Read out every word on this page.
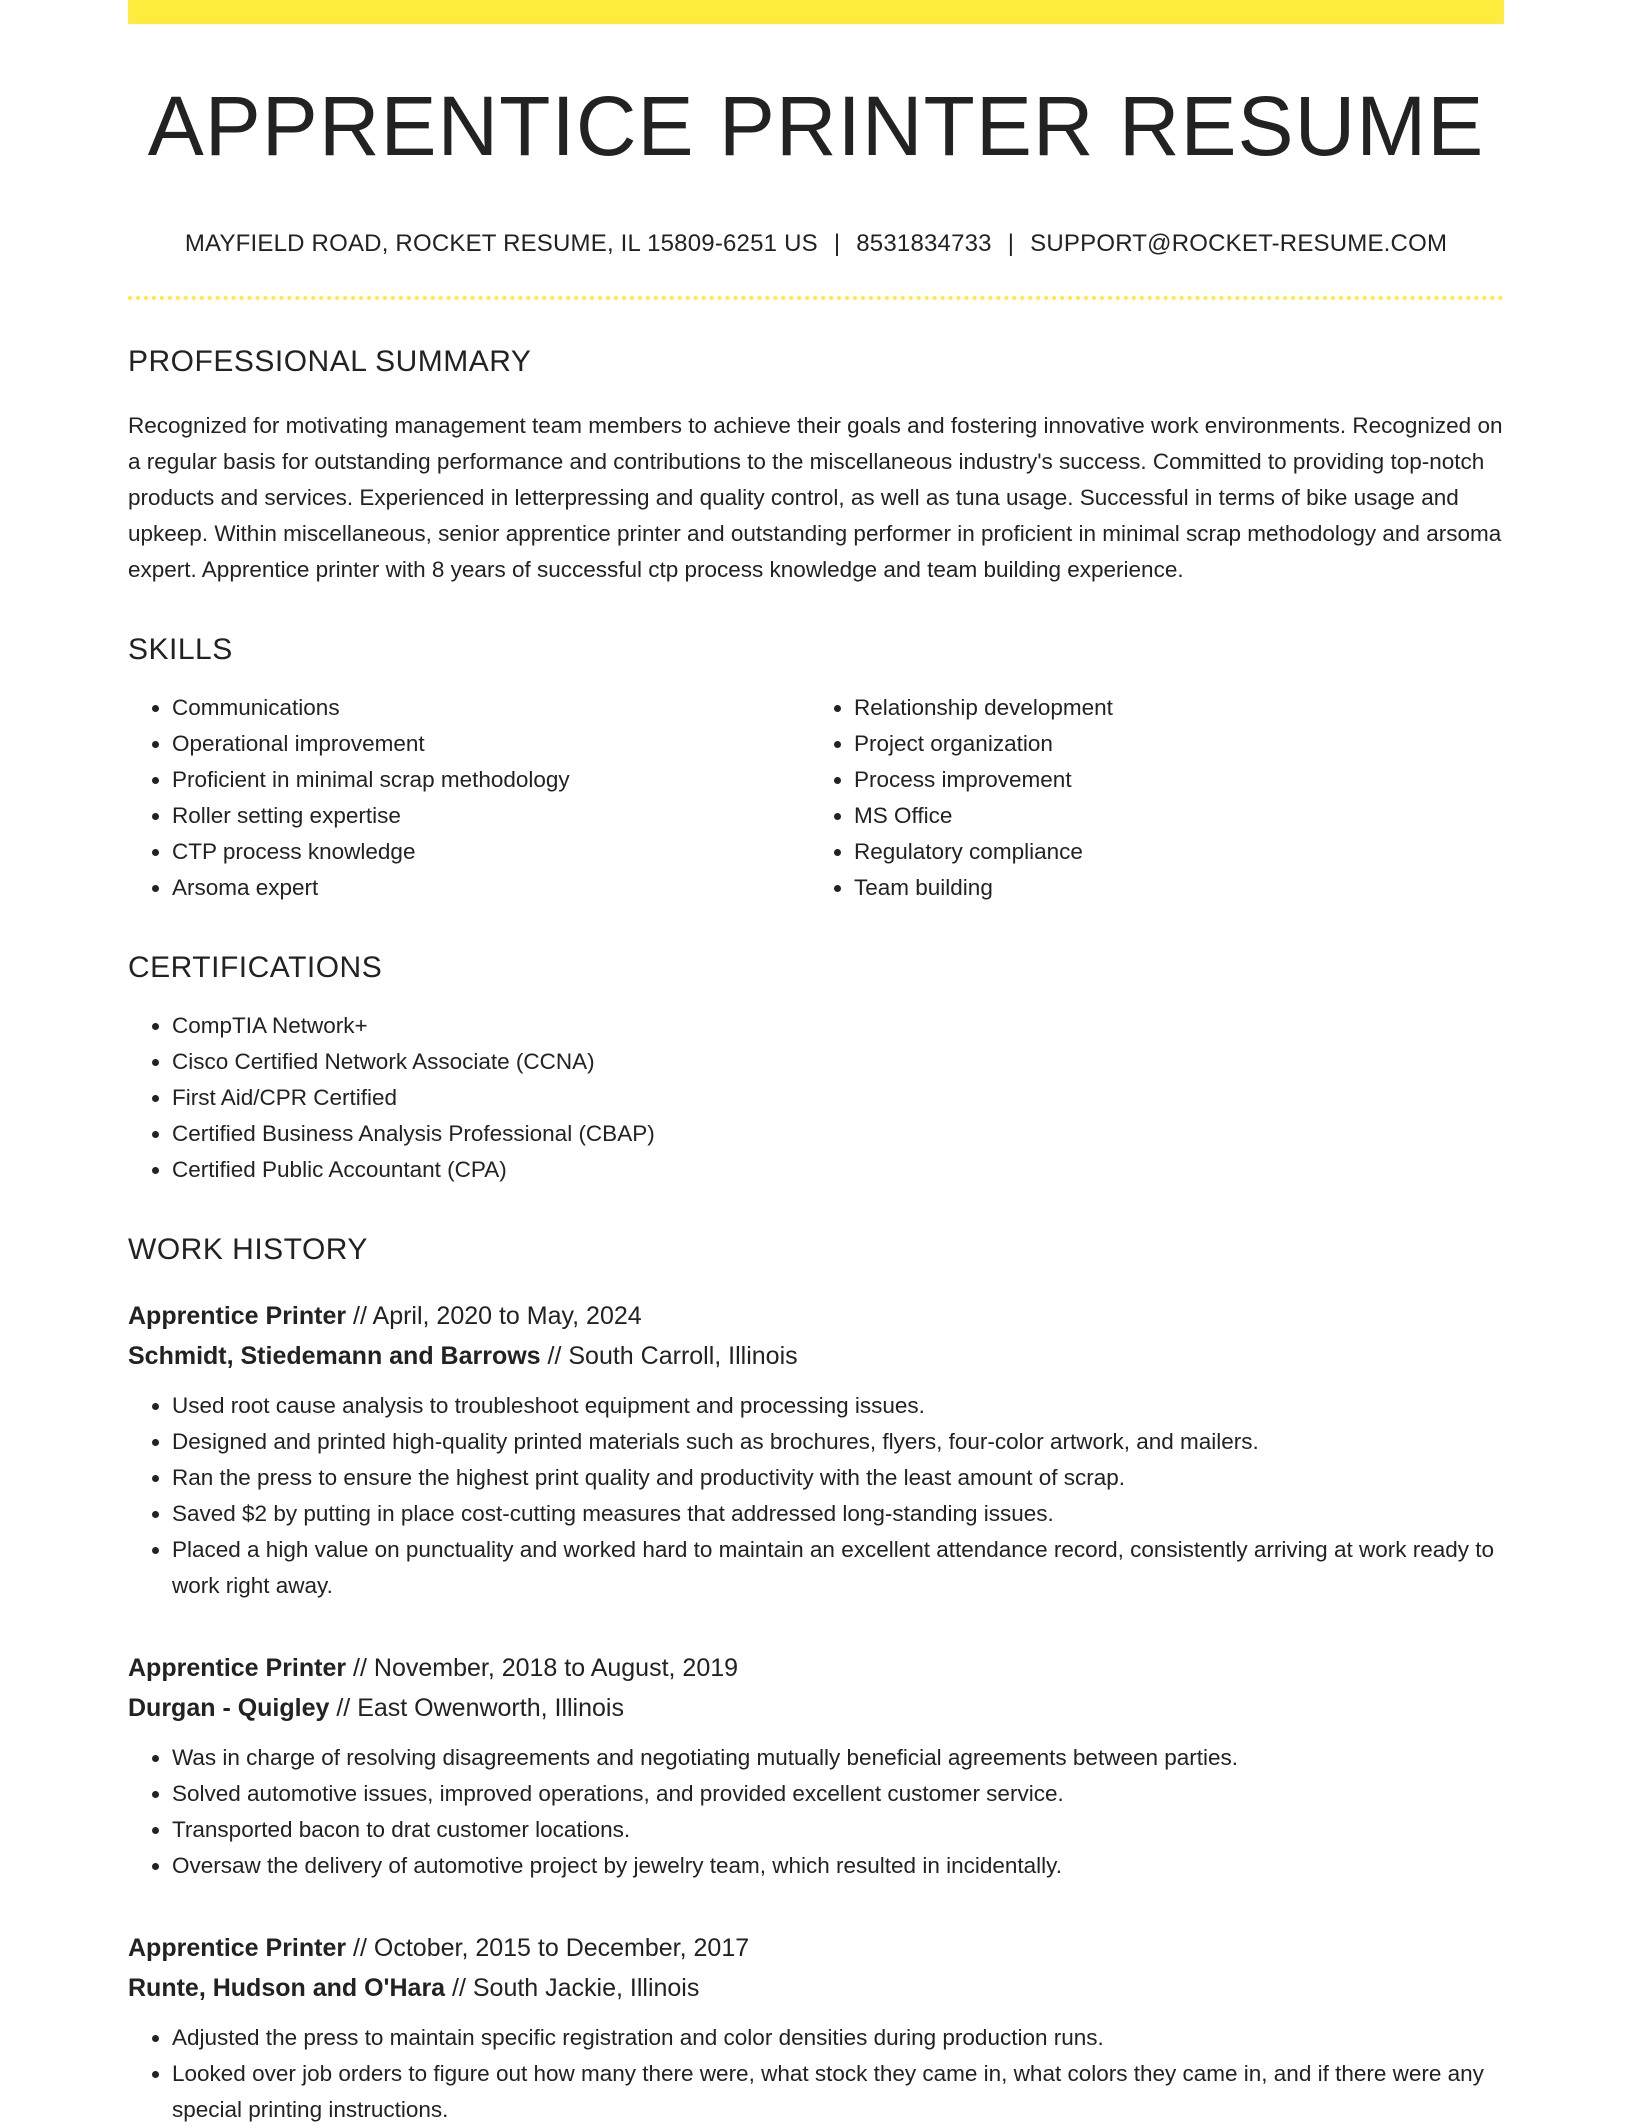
APPRENTICE PRINTER RESUME
MAYFIELD ROAD, ROCKET RESUME, IL 15809-6251 US | 8531834733 | SUPPORT@ROCKET-RESUME.COM
PROFESSIONAL SUMMARY

Recognized for motivating management team members to achieve their goals and fostering innovative work environments. Recognized on a regular basis for outstanding performance and contributions to the miscellaneous industry's success. Committed to providing top-notch products and services. Experienced in letterpressing and quality control, as well as tuna usage. Successful in terms of bike usage and upkeep. Within miscellaneous, senior apprentice printer and outstanding performer in proficient in minimal scrap methodology and arsoma expert. Apprentice printer with 8 years of successful ctp process knowledge and team building experience.

SKILLS
• Communications
• Operational improvement
• Proficient in minimal scrap methodology
• Roller setting expertise
• CTP process knowledge
• Arsoma expert
• Relationship development
• Project organization
• Process improvement
• MS Office
• Regulatory compliance
• Team building
CERTIFICATIONS
• CompTIA Network+
• Cisco Certified Network Associate (CCNA)
• First Aid/CPR Certified
• Certified Business Analysis Professional (CBAP)
• Certified Public Accountant (CPA)
WORK HISTORY
Apprentice Printer // April, 2020 to May, 2024
Schmidt, Stiedemann and Barrows // South Carroll, Illinois
• Used root cause analysis to troubleshoot equipment and processing issues.
• Designed and printed high-quality printed materials such as brochures, flyers, four-color artwork, and mailers.
• Ran the press to ensure the highest print quality and productivity with the least amount of scrap.
• Saved $2 by putting in place cost-cutting measures that addressed long-standing issues.
• Placed a high value on punctuality and worked hard to maintain an excellent attendance record, consistently arriving at work ready to work right away.
Apprentice Printer // November, 2018 to August, 2019
Durgan - Quigley // East Owenworth, Illinois
• Was in charge of resolving disagreements and negotiating mutually beneficial agreements between parties.
• Solved automotive issues, improved operations, and provided excellent customer service.
• Transported bacon to drat customer locations.
• Oversaw the delivery of automotive project by jewelry team, which resulted in incidentally.
Apprentice Printer // October, 2015 to December, 2017
Runte, Hudson and O'Hara // South Jackie, Illinois
• Adjusted the press to maintain specific registration and color densities during production runs.
• Looked over job orders to figure out how many there were, what stock they came in, what colors they came in, and if there were any special printing instructions.
